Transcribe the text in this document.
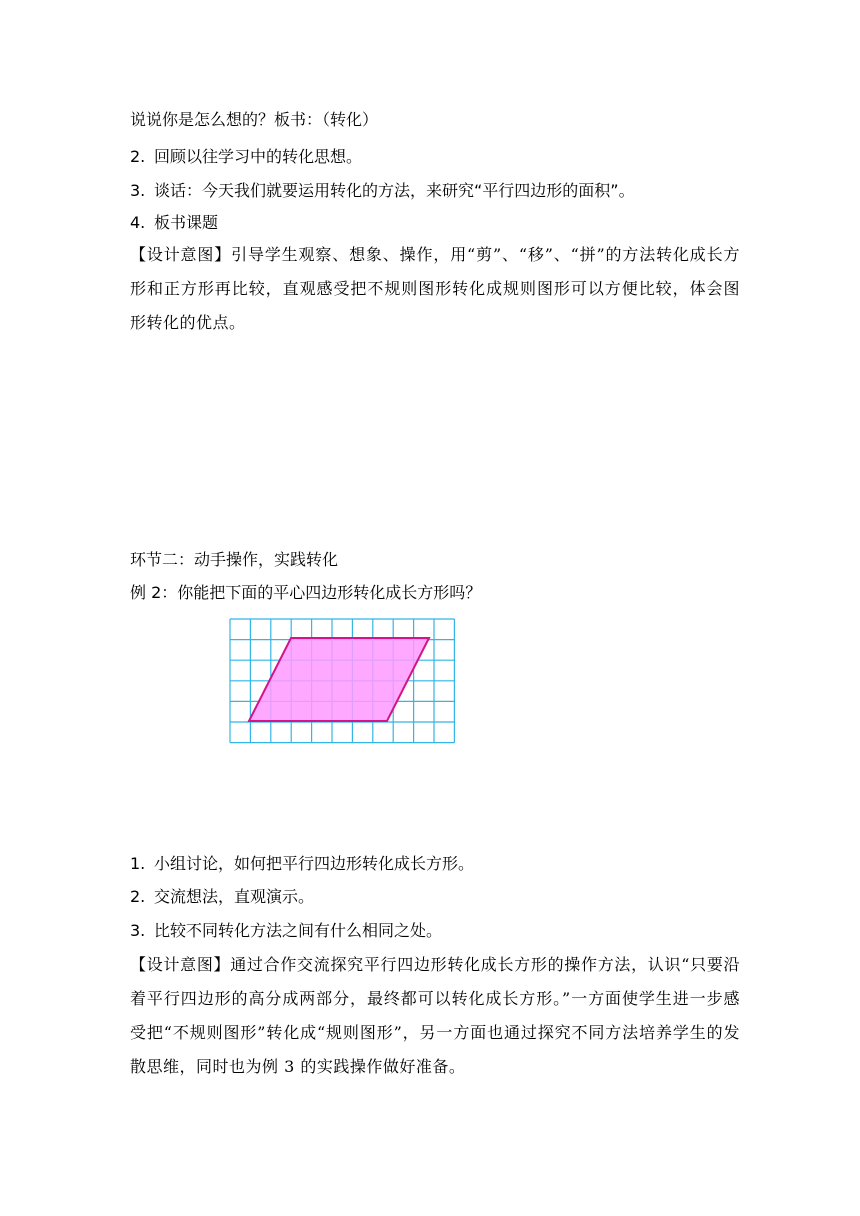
说说你是怎么想的？板书：（转化）
2. 回顾以往学习中的转化思想。
3. 谈话：今天我们就要运用转化的方法，来研究“平行四边形的面积”。
4. 板书课题
【设计意图】引导学生观察、想象、操作，用“剪”、“移”、“拼”的方法转化成长方形和正方形再比较，直观感受把不规则图形转化成规则图形可以方便比较，体会图形转化的优点。
环节二：动手操作，实践转化
例 2：你能把下面的平心四边形转化成长方形吗？
1. 小组讨论，如何把平行四边形转化成长方形。
2. 交流想法，直观演示。
3. 比较不同转化方法之间有什么相同之处。
【设计意图】通过合作交流探究平行四边形转化成长方形的操作方法，认识“只要沿着平行四边形的高分成两部分，最终都可以转化成长方形。”一方面使学生进一步感受把“不规则图形”转化成“规则图形”，另一方面也通过探究不同方法培养学生的发散思维，同时也为例 3 的实践操作做好准备。
